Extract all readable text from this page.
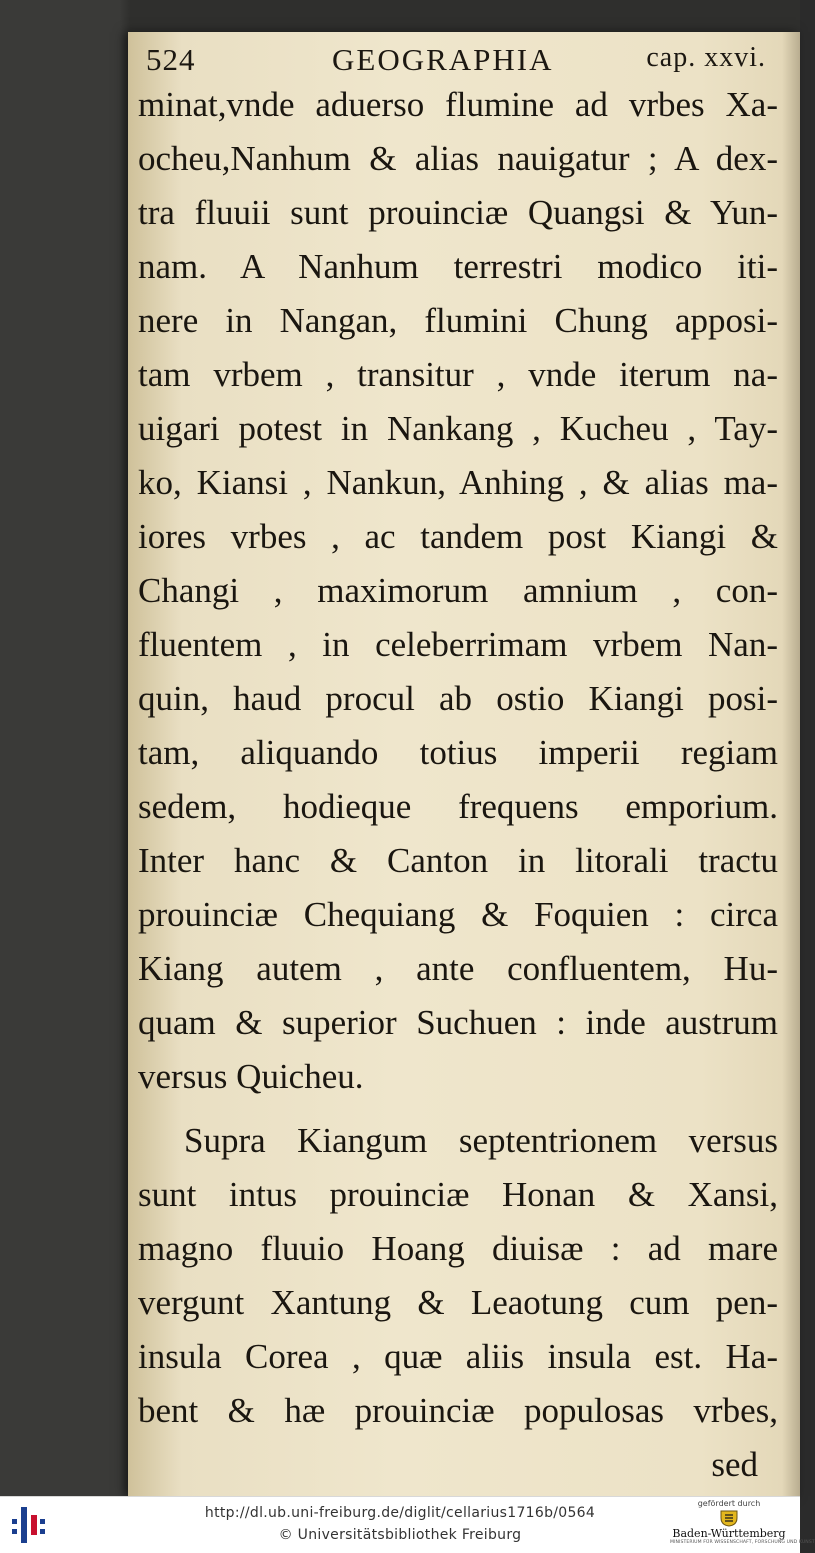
524	GEOGRAPHIA	cap. xxvi.
minat,vnde aduerso flumine ad vrbes Xa-
ocheu,Nanhum & alias nauigatur ; A dex-
tra fluuii sunt prouinciæ Quangsi & Yun-
nam. A Nanhum terrestri modico iti-
nere in Nangan, flumini Chung apposi-
tam vrbem , transitur , vnde iterum na-
uigari potest in Nankang , Kucheu , Tay-
ko, Kiansi , Nankun, Anhing , & alias ma-
iores vrbes , ac tandem post Kiangi &
Changi , maximorum amnium , con-
fluentem , in celeberrimam vrbem Nan-
quin, haud procul ab ostio Kiangi posi-
tam, aliquando totius imperii regiam
sedem, hodieque frequens emporium.
Inter hanc & Canton in litorali tractu
prouinciæ Chequiang & Foquien : circa
Kiang autem , ante confluentem, Hu-
quam & superior Suchuen : inde austrum
versus Quicheu.
Supra Kiangum septentrionem versus
sunt intus prouinciæ Honan & Xansi,
magno fluuio Hoang diuisæ : ad mare
vergunt Xantung & Leaotung cum pen-
insula Corea , quæ aliis insula est. Ha-
bent & hæ prouinciæ populosas vrbes,
sed
http://dl.ub.uni-freiburg.de/diglit/cellarius1716b/0564
© Universitätsbibliothek Freiburg
gefördert durch
Baden-Württemberg
MINISTERIUM FÜR WISSENSCHAFT, FORSCHUNG UND KUNST
